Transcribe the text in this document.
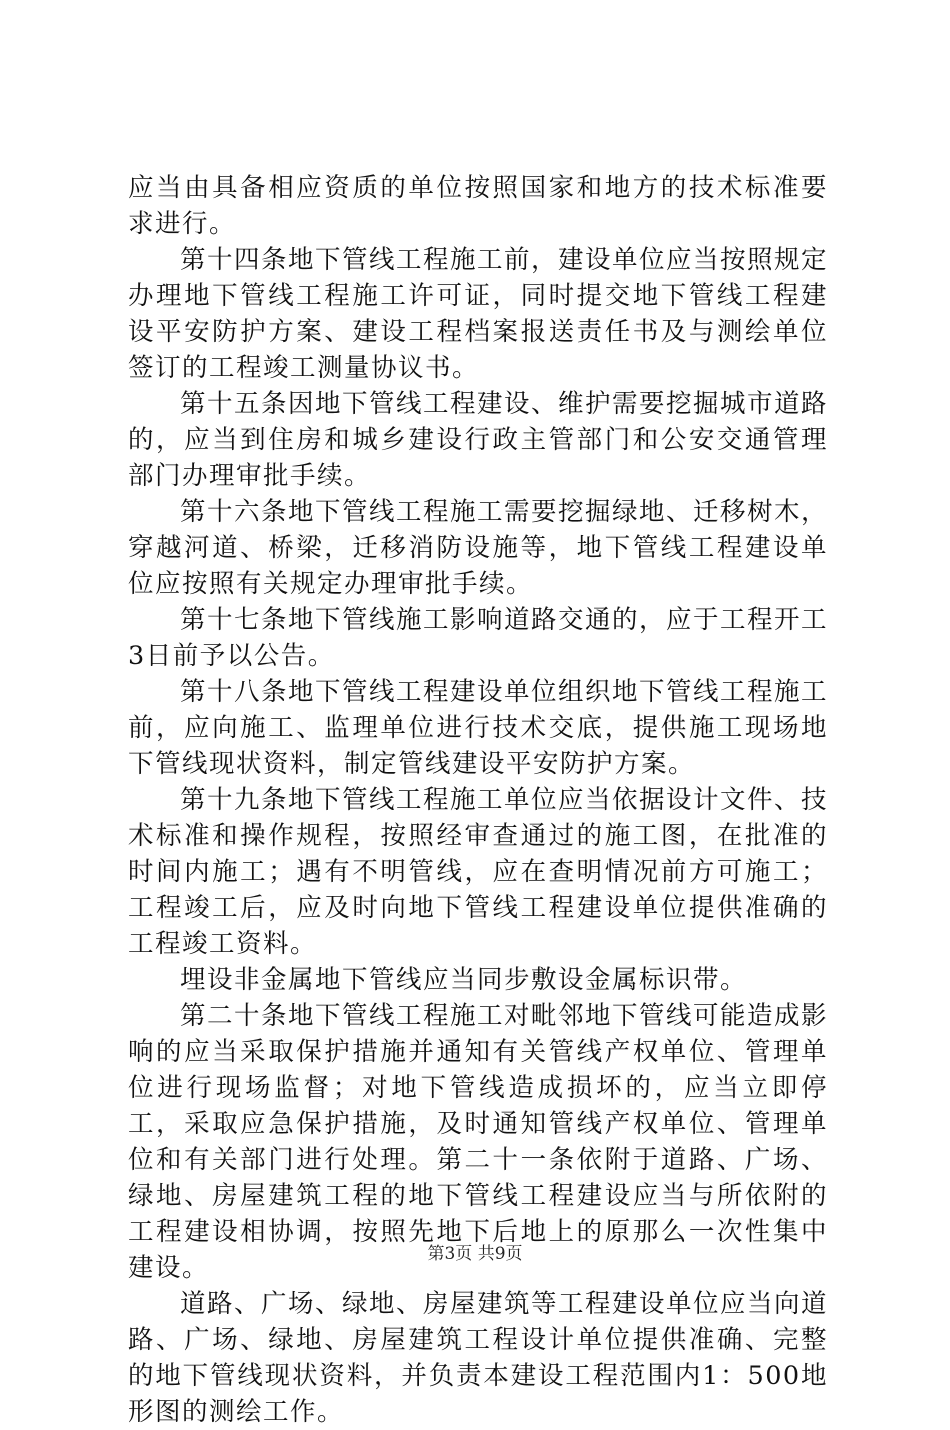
应当由具备相应资质的单位按照国家和地方的技术标准要求进行。

第十四条地下管线工程施工前，建设单位应当按照规定办理地下管线工程施工许可证，同时提交地下管线工程建设平安防护方案、建设工程档案报送责任书及与测绘单位签订的工程竣工测量协议书。

第十五条因地下管线工程建设、维护需要挖掘城市道路的，应当到住房和城乡建设行政主管部门和公安交通管理部门办理审批手续。

第十六条地下管线工程施工需要挖掘绿地、迁移树木，穿越河道、桥梁，迁移消防设施等，地下管线工程建设单位应按照有关规定办理审批手续。

第十七条地下管线施工影响道路交通的，应于工程开工3日前予以公告。

第十八条地下管线工程建设单位组织地下管线工程施工前，应向施工、监理单位进行技术交底，提供施工现场地下管线现状资料，制定管线建设平安防护方案。

第十九条地下管线工程施工单位应当依据设计文件、技术标准和操作规程，按照经审查通过的施工图，在批准的时间内施工；遇有不明管线，应在查明情况前方可施工；工程竣工后，应及时向地下管线工程建设单位提供准确的工程竣工资料。

埋设非金属地下管线应当同步敷设金属标识带。

第二十条地下管线工程施工对毗邻地下管线可能造成影响的应当采取保护措施并通知有关管线产权单位、管理单位进行现场监督；对地下管线造成损坏的，应当立即停工，采取应急保护措施，及时通知管线产权单位、管理单位和有关部门进行处理。第二十一条依附于道路、广场、绿地、房屋建筑工程的地下管线工程建设应当与所依附的工程建设相协调，按照先地下后地上的原那么一次性集中建设。

道路、广场、绿地、房屋建筑等工程建设单位应当向道路、广场、绿地、房屋建筑工程设计单位提供准确、完整的地下管线现状资料，并负责本建设工程范围内1：500地形图的测绘工作。

第3页 共9页
